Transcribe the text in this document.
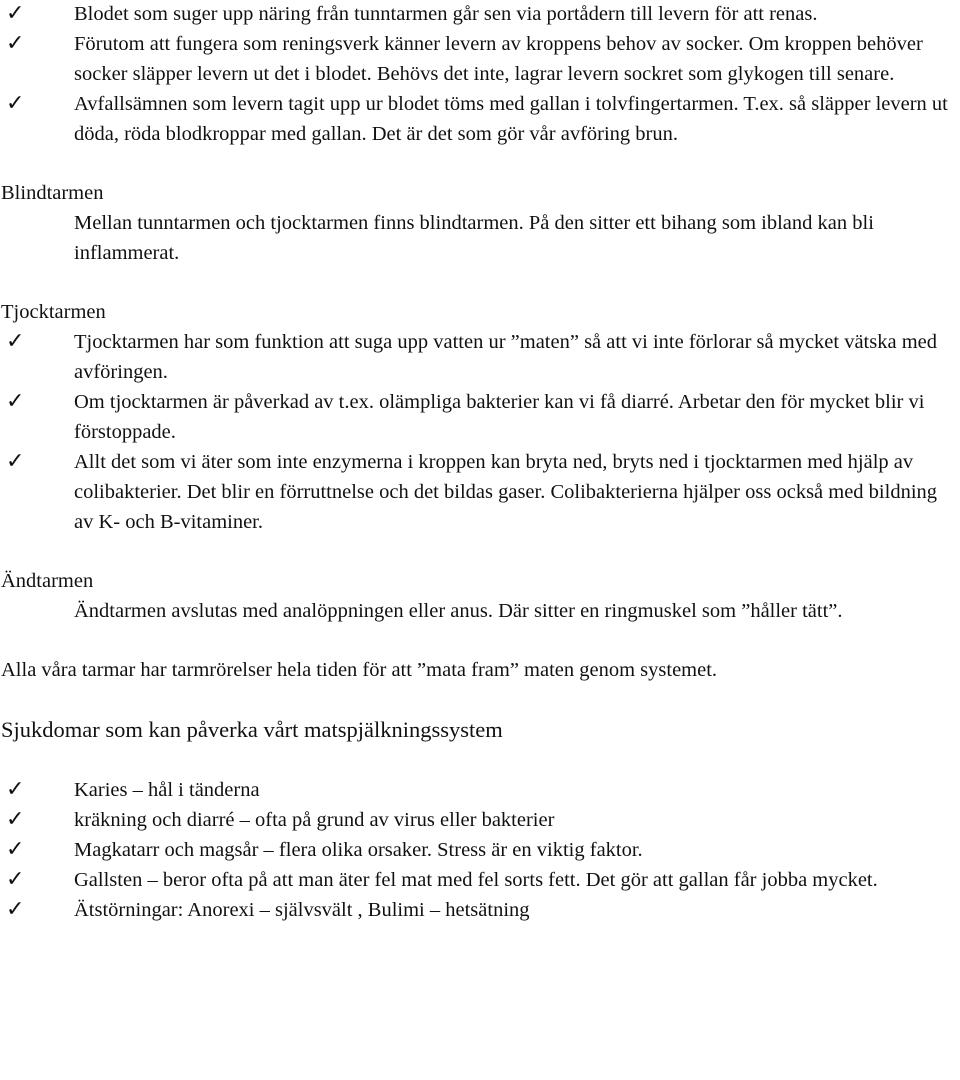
✓ Blodet som suger upp näring från tunntarmen går sen via portådern till levern för att renas.
✓ Förutom att fungera som reningsverk känner levern av kroppens behov av socker. Om kroppen behöver socker släpper levern ut det i blodet. Behövs det inte, lagrar levern sockret som glykogen till senare.
✓ Avfallsämnen som levern tagit upp ur blodet töms med gallan i tolvfingertarmen. T.ex. så släpper levern ut döda, röda blodkroppar med gallan. Det är det som gör vår avföring brun.

Blindtarmen

Mellan tunntarmen och tjocktarmen finns blindtarmen. På den sitter ett bihang som ibland kan bli inflammerat.

Tjocktarmen

✓ Tjocktarmen har som funktion att suga upp vatten ur ”maten” så att vi inte förlorar så mycket vätska med avföringen.
✓ Om tjocktarmen är påverkad av t.ex. olämpliga bakterier kan vi få diarré. Arbetar den för mycket blir vi förstoppade.
✓ Allt det som vi äter som inte enzymerna i kroppen kan bryta ned, bryts ned i tjocktarmen med hjälp av colibakterier. Det blir en förruttnelse och det bildas gaser. Colibakterierna hjälper oss också med bildning av K- och B-vitaminer.

Ändtarmen

Ändtarmen avslutas med analöppningen eller anus. Där sitter en ringmuskel som ”håller tätt”.

Alla våra tarmar har tarmrörelser hela tiden för att ”mata fram” maten genom systemet.

Sjukdomar som kan påverka vårt matspjälkningssystem

✓ Karies – hål i tänderna
✓ kräkning och diarré – ofta på grund av virus eller bakterier
✓ Magkatarr och magsår – flera olika orsaker. Stress är en viktig faktor.
✓ Gallsten – beror ofta på att man äter fel mat med fel sorts fett. Det gör att gallan får jobba mycket.
✓ Ätstörningar: Anorexi – självsvält , Bulimi – hetsätning
